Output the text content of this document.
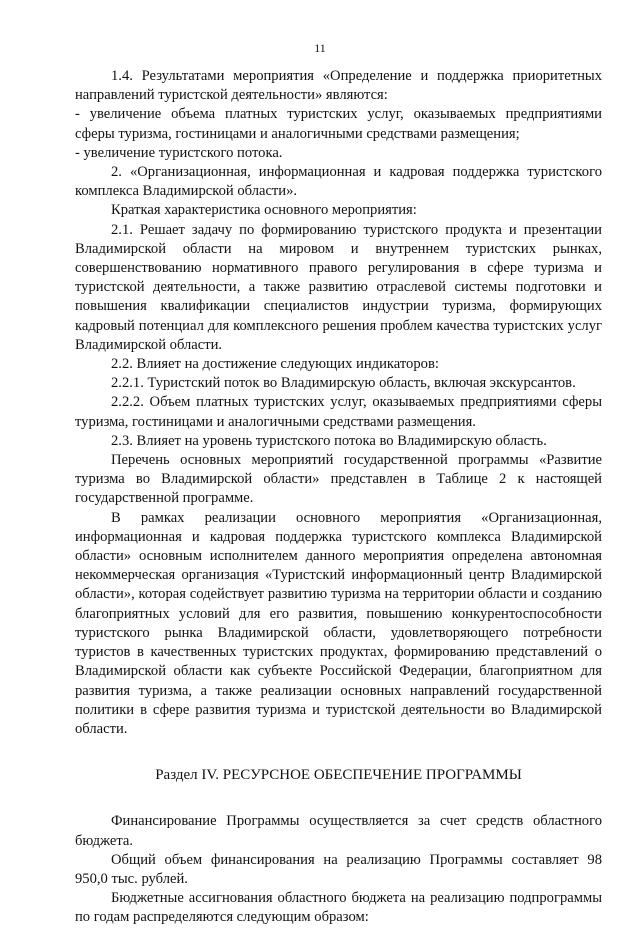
11

1.4. Результатами мероприятия «Определение и поддержка приоритетных направлений туристской деятельности» являются:

- увеличение объема платных туристских услуг, оказываемых предприятиями сферы туризма, гостиницами и аналогичными средствами размещения;

- увеличение туристского потока.

2. «Организационная, информационная и кадровая поддержка туристского комплекса Владимирской области».

Краткая характеристика основного мероприятия:

2.1. Решает задачу по формированию туристского продукта и презентации Владимирской области на мировом и внутреннем туристских рынках, совершенствованию нормативного правого регулирования в сфере туризма и туристской деятельности, а также развитию отраслевой системы подготовки и повышения квалификации специалистов индустрии туризма, формирующих кадровый потенциал для комплексного решения проблем качества туристских услуг Владимирской области.

2.2. Влияет на достижение следующих индикаторов:

2.2.1. Туристский поток во Владимирскую область, включая экскурсантов.

2.2.2. Объем платных туристских услуг, оказываемых предприятиями сферы туризма, гостиницами и аналогичными средствами размещения.

2.3. Влияет на уровень туристского потока во Владимирскую область.

Перечень основных мероприятий государственной программы «Развитие туризма во Владимирской области» представлен в Таблице 2 к настоящей государственной программе.

В рамках реализации основного мероприятия «Организационная, информационная и кадровая поддержка туристского комплекса Владимирской области» основным исполнителем данного мероприятия определена автономная некоммерческая организация «Туристский информационный центр Владимирской области», которая содействует развитию туризма на территории области и созданию благоприятных условий для его развития, повышению конкурентоспособности туристского рынка Владимирской области, удовлетворяющего потребности туристов в качественных туристских продуктах, формированию представлений о Владимирской области как субъекте Российской Федерации, благоприятном для развития туризма, а также реализации основных направлений государственной политики в сфере развития туризма и туристской деятельности во Владимирской области.

Раздел IV. РЕСУРСНОЕ ОБЕСПЕЧЕНИЕ ПРОГРАММЫ

Финансирование Программы осуществляется за счет средств областного бюджета.

Общий объем финансирования на реализацию Программы составляет 98 950,0 тыс. рублей.

Бюджетные ассигнования областного бюджета на реализацию подпрограммы по годам распределяются следующим образом:
